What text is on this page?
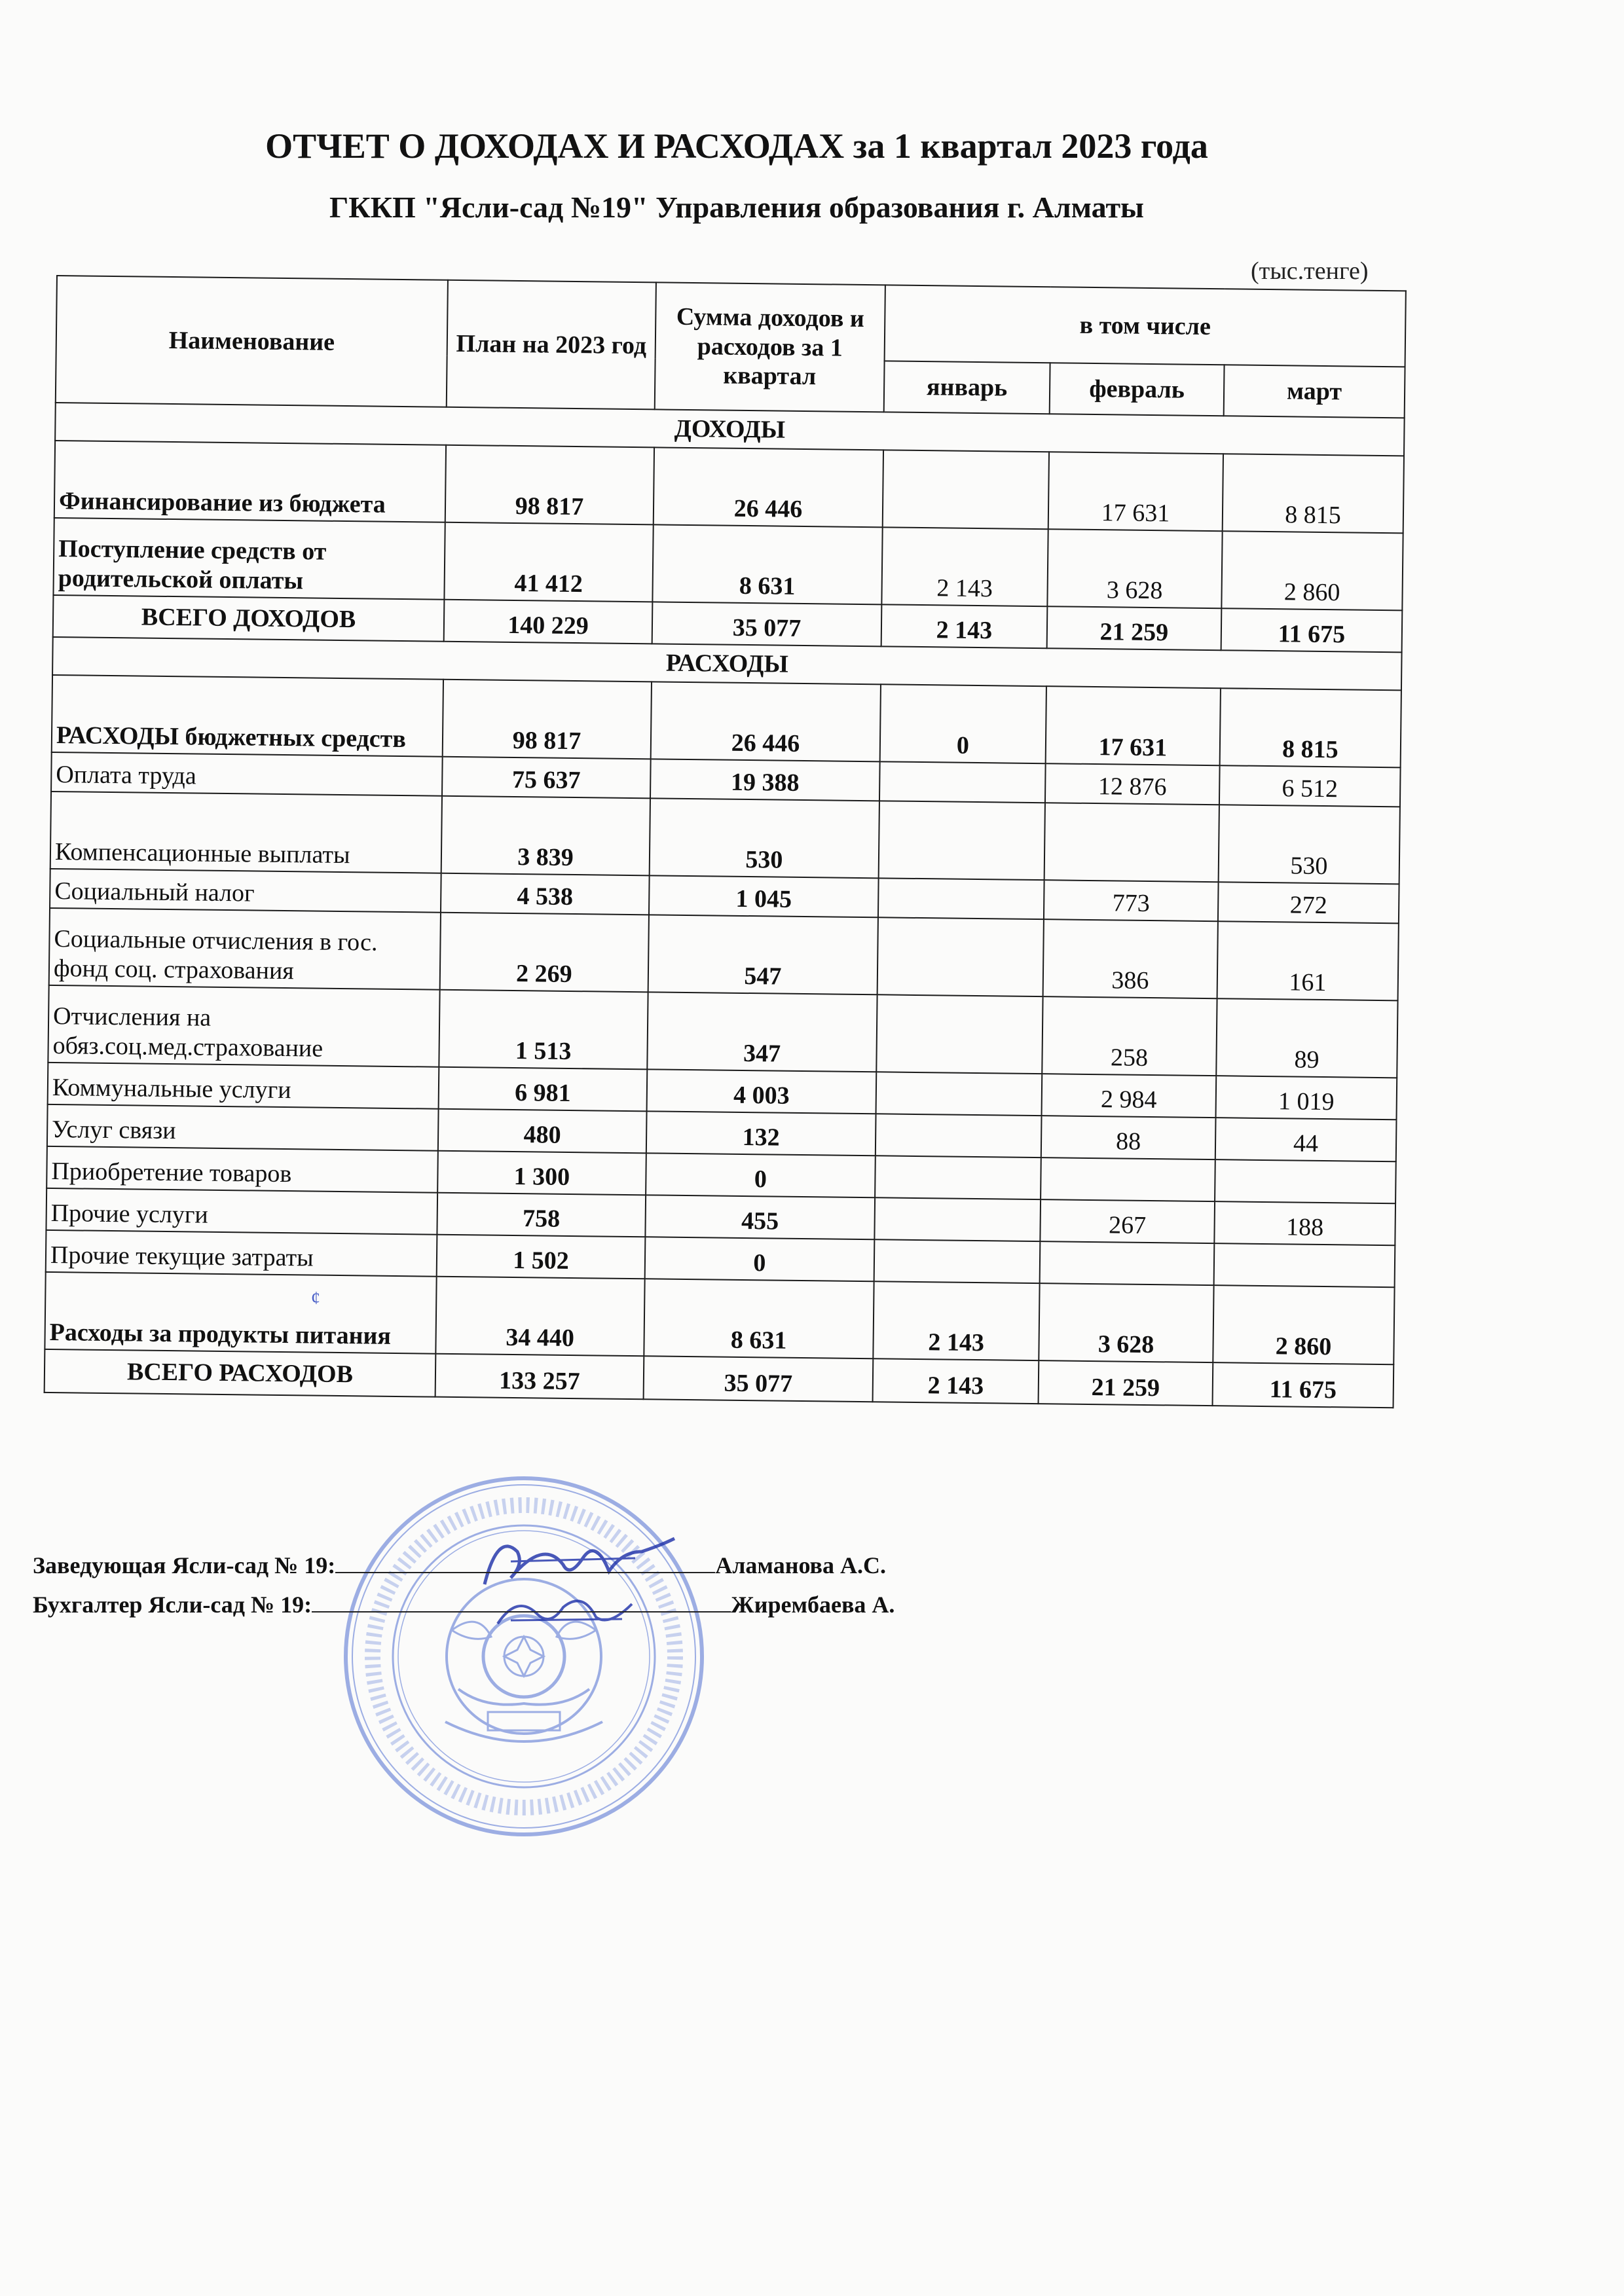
ОТЧЕТ О ДОХОДАХ И РАСХОДАХ за 1 квартал 2023 года
ГККП "Ясли-сад №19" Управления образования г. Алматы
(тыс.тенге)
Наименование	План на 2023 год	Сумма доходов и расходов за 1 квартал	в том числе		
			январь	февраль	март
ДОХОДЫ					
Финансирование из бюджета	98 817	26 446		17 631	8 815
Поступление средств от родительской оплаты	41 412	8 631	2 143	3 628	2 860
ВСЕГО ДОХОДОВ	140 229	35 077	2 143	21 259	11 675
РАСХОДЫ					
РАСХОДЫ бюджетных средств	98 817	26 446	0	17 631	8 815
Оплата труда	75 637	19 388		12 876	6 512
Компенсационные выплаты	3 839	530			530
Социальный налог	4 538	1 045		773	272
Социальные отчисления в гос. фонд соц. страхования	2 269	547		386	161
Отчисления на обяз.соц.мед.страхование	1 513	347		258	89
Коммунальные услуги	6 981	4 003		2 984	1 019
Услуг связи	480	132		88	44
Приобретение товаров	1 300	0			
Прочие услуги	758	455		267	188
Прочие текущие затраты	1 502	0			
Расходы за продукты питания	34 440	8 631	2 143	3 628	2 860
ВСЕГО РАСХОДОВ	133 257	35 077	2 143	21 259	11 675
¢
Заведующая Ясли-сад № 19:	Аламанова А.С.
Бухгалтер Ясли-сад № 19:	Жирембаева А.
